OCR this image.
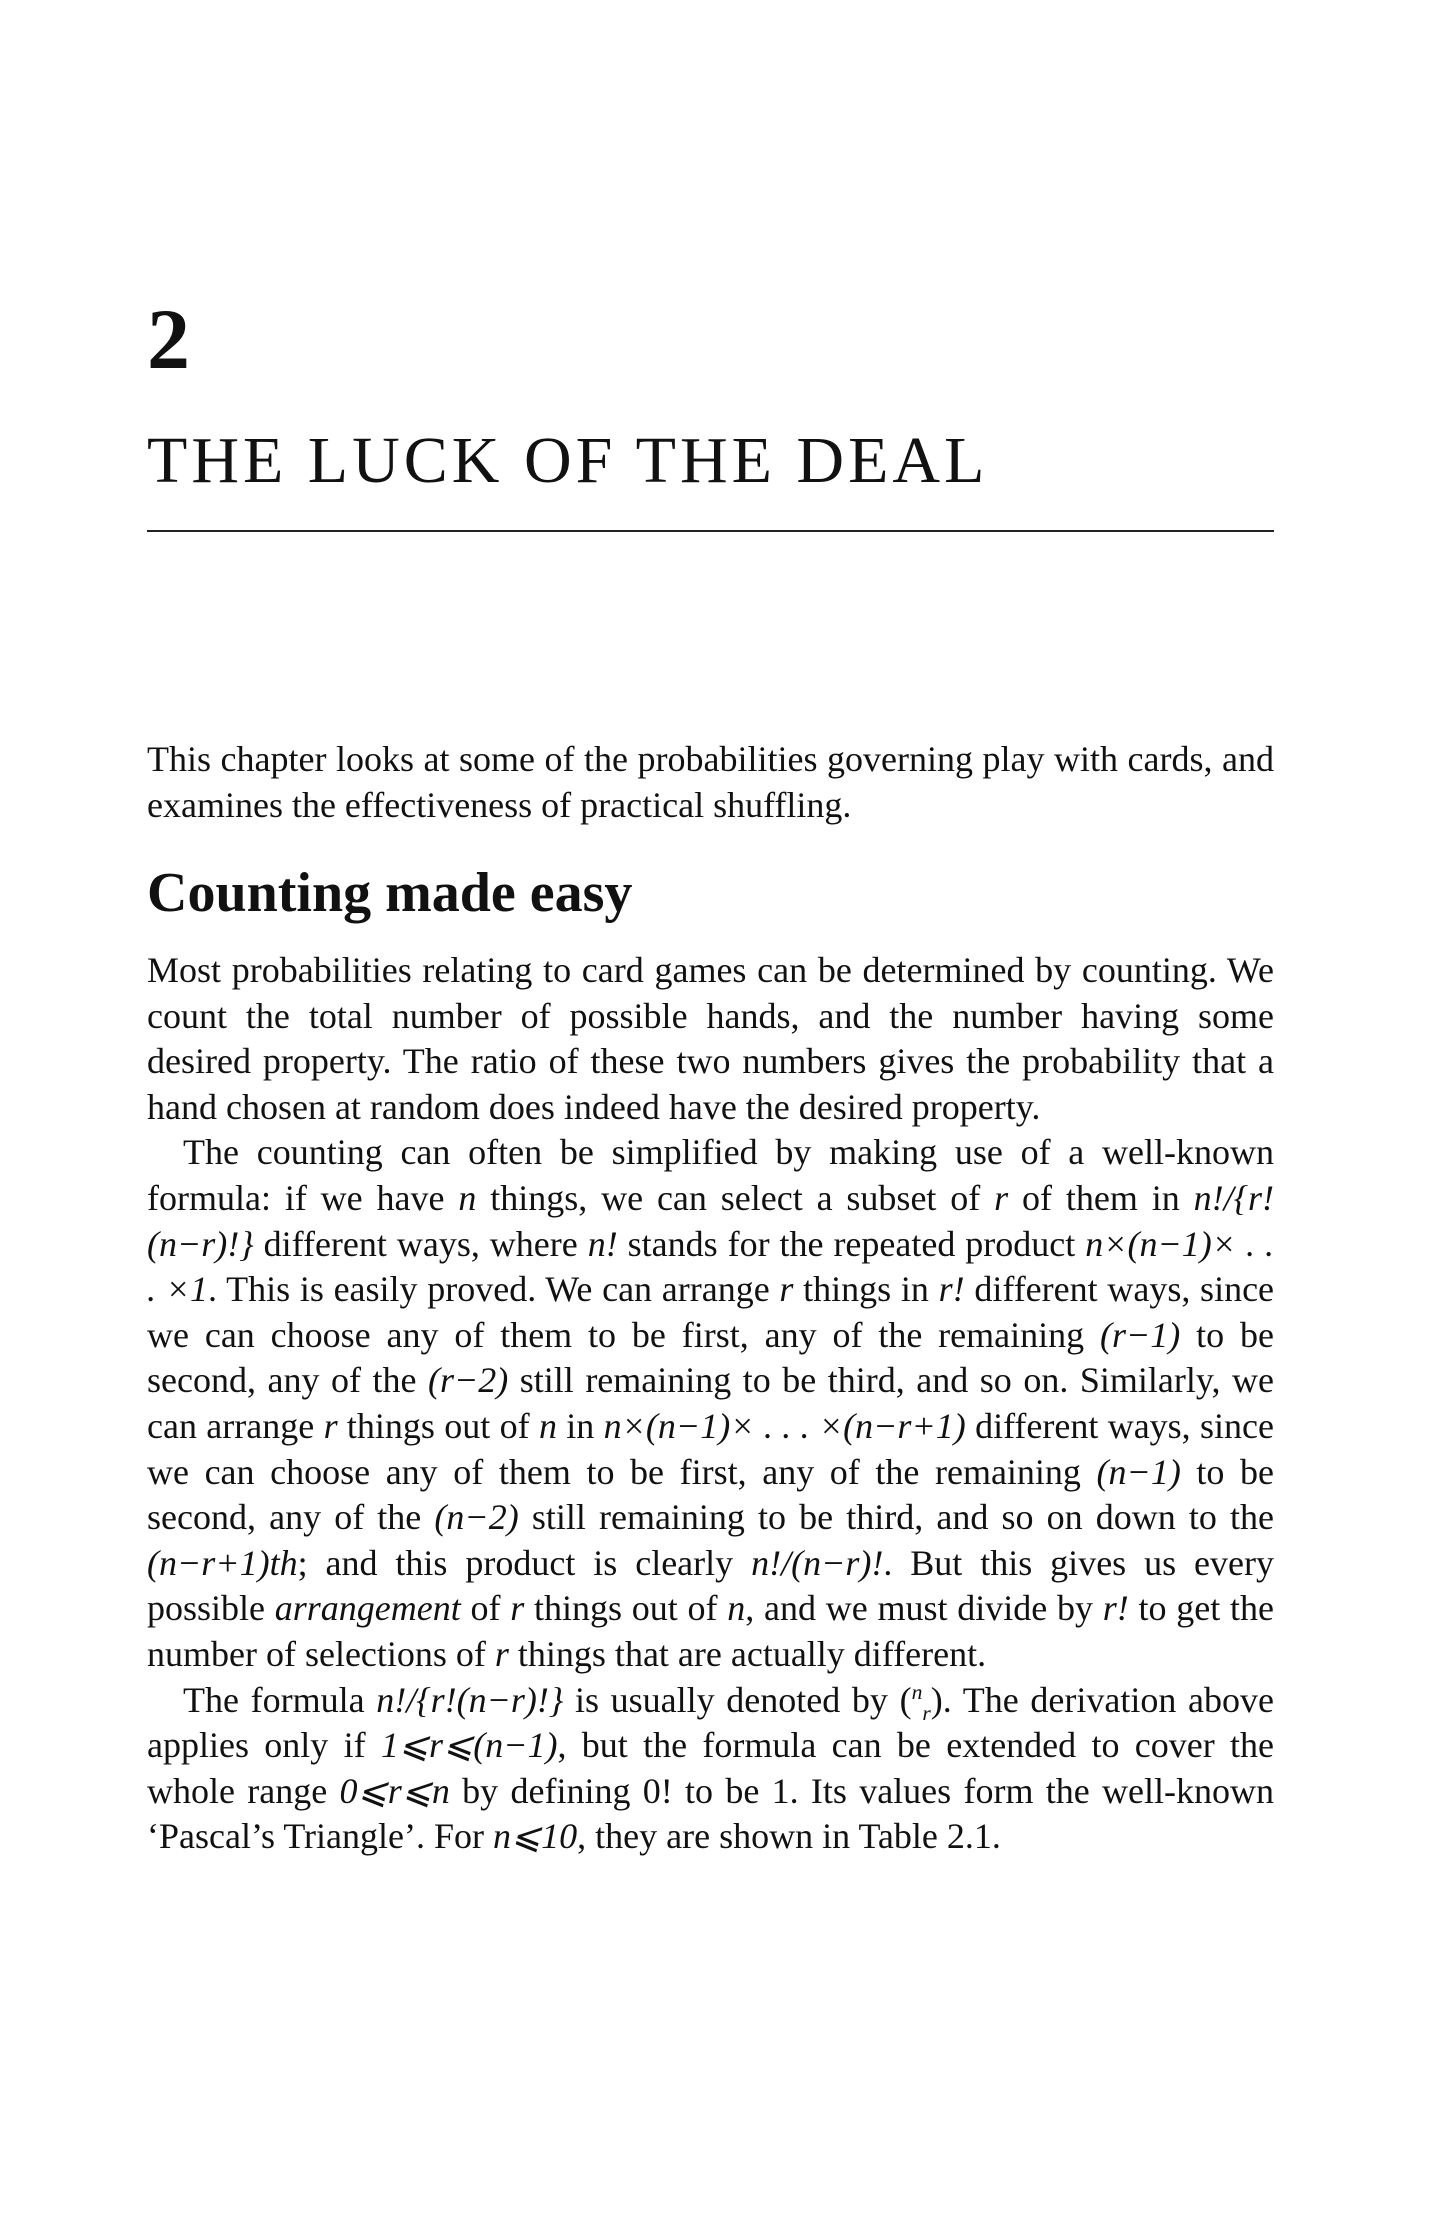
2
THE LUCK OF THE DEAL

This chapter looks at some of the probabilities governing play with cards, and examines the effectiveness of practical shuffling.

Counting made easy

Most probabilities relating to card games can be determined by counting. We count the total number of possible hands, and the number having some desired property. The ratio of these two numbers gives the probability that a hand chosen at random does indeed have the desired property.

The counting can often be simplified by making use of a well-known formula: if we have n things, we can select a subset of r of them in n!/{r!(n−r)!} different ways, where n! stands for the repeated product n×(n−1)× . . . ×1. This is easily proved. We can arrange r things in r! different ways, since we can choose any of them to be first, any of the remaining (r−1) to be second, any of the (r−2) still remaining to be third, and so on. Similarly, we can arrange r things out of n in n×(n−1)× . . . ×(n−r+1) different ways, since we can choose any of them to be first, any of the remaining (n−1) to be second, any of the (n−2) still remaining to be third, and so on down to the (n−r+1)th; and this product is clearly n!/(n−r)!. But this gives us every possible arrangement of r things out of n, and we must divide by r! to get the number of selections of r things that are actually different.

The formula n!/{r!(n−r)!} is usually denoted by ($^n_r$). The derivation above applies only if 1⩽r⩽(n−1), but the formula can be extended to cover the whole range 0⩽r⩽n by defining 0! to be 1. Its values form the well-known ‘Pascal’s Triangle’. For n⩽10, they are shown in Table 2.1.
